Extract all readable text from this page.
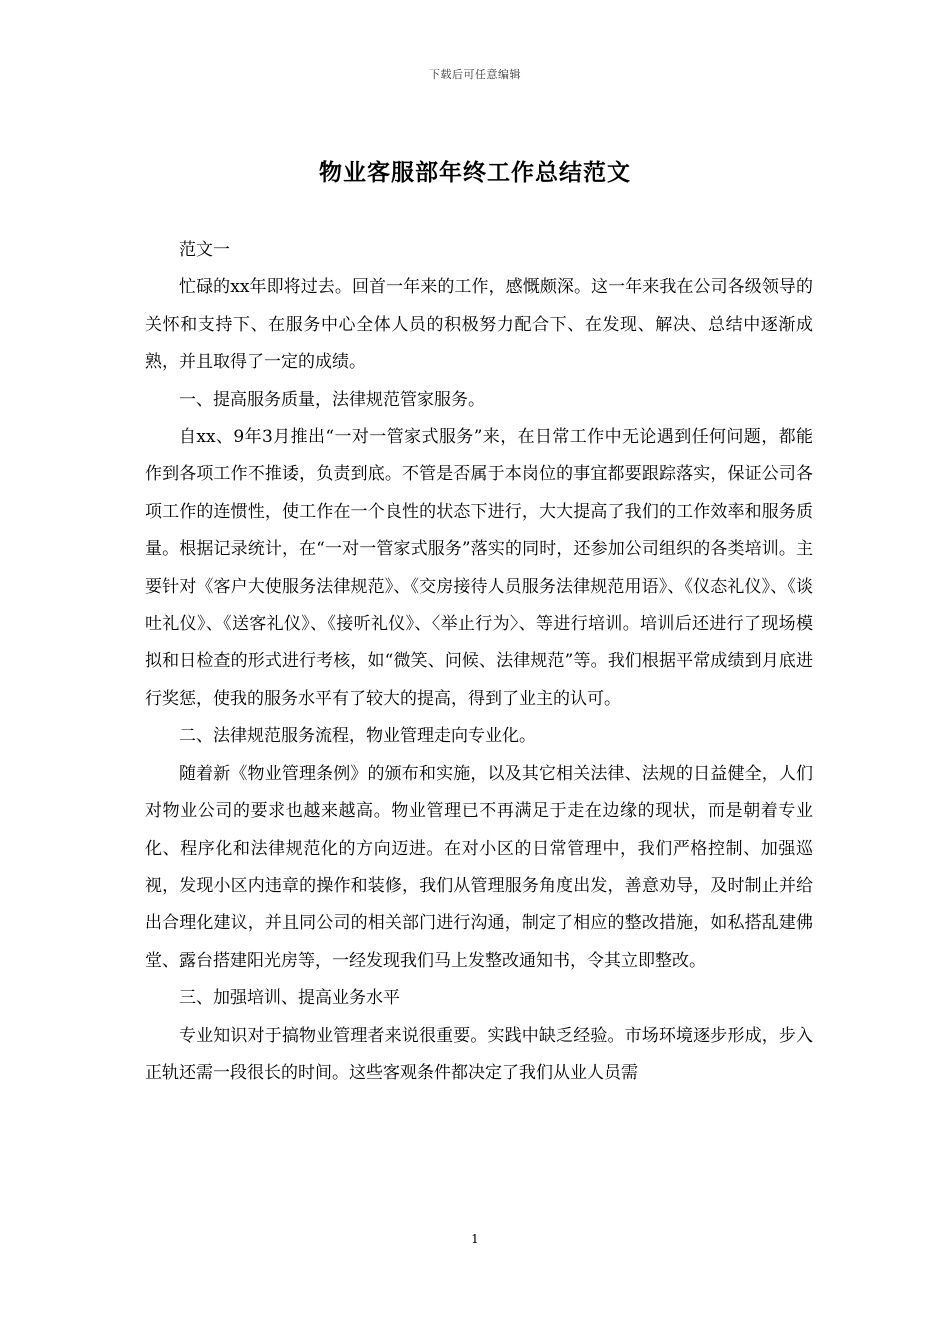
下载后可任意编辑
物业客服部年终工作总结范文

范文一

忙碌的xx年即将过去。回首一年来的工作，感慨颇深。这一年来我在公司各级领导的关怀和支持下、在服务中心全体人员的积极努力配合下、在发现、解决、总结中逐渐成熟，并且取得了一定的成绩。

一、提高服务质量，法律规范管家服务。

自xx、9年3月推出“一对一管家式服务”来，在日常工作中无论遇到任何问题，都能作到各项工作不推诿，负责到底。不管是否属于本岗位的事宜都要跟踪落实，保证公司各项工作的连惯性，使工作在一个良性的状态下进行，大大提高了我们的工作效率和服务质量。根据记录统计，在“一对一管家式服务”落实的同时，还参加公司组织的各类培训。主要针对《客户大使服务法律规范》、《交房接待人员服务法律规范用语》、《仪态礼仪》、《谈吐礼仪》、《送客礼仪》、《接听礼仪》、〈举止行为〉、等进行培训。培训后还进行了现场模拟和日检查的形式进行考核，如“微笑、问候、法律规范”等。我们根据平常成绩到月底进行奖惩，使我的服务水平有了较大的提高，得到了业主的认可。

二、法律规范服务流程，物业管理走向专业化。

随着新《物业管理条例》的颁布和实施，以及其它相关法律、法规的日益健全，人们对物业公司的要求也越来越高。物业管理已不再满足于走在边缘的现状，而是朝着专业化、程序化和法律规范化的方向迈进。在对小区的日常管理中，我们严格控制、加强巡视，发现小区内违章的操作和装修，我们从管理服务角度出发，善意劝导，及时制止并给出合理化建议，并且同公司的相关部门进行沟通，制定了相应的整改措施，如私搭乱建佛堂、露台搭建阳光房等，一经发现我们马上发整改通知书，令其立即整改。

三、加强培训、提高业务水平

专业知识对于搞物业管理者来说很重要。实践中缺乏经验。市场环境逐步形成，步入正轨还需一段很长的时间。这些客观条件都决定了我们从业人员需

1
